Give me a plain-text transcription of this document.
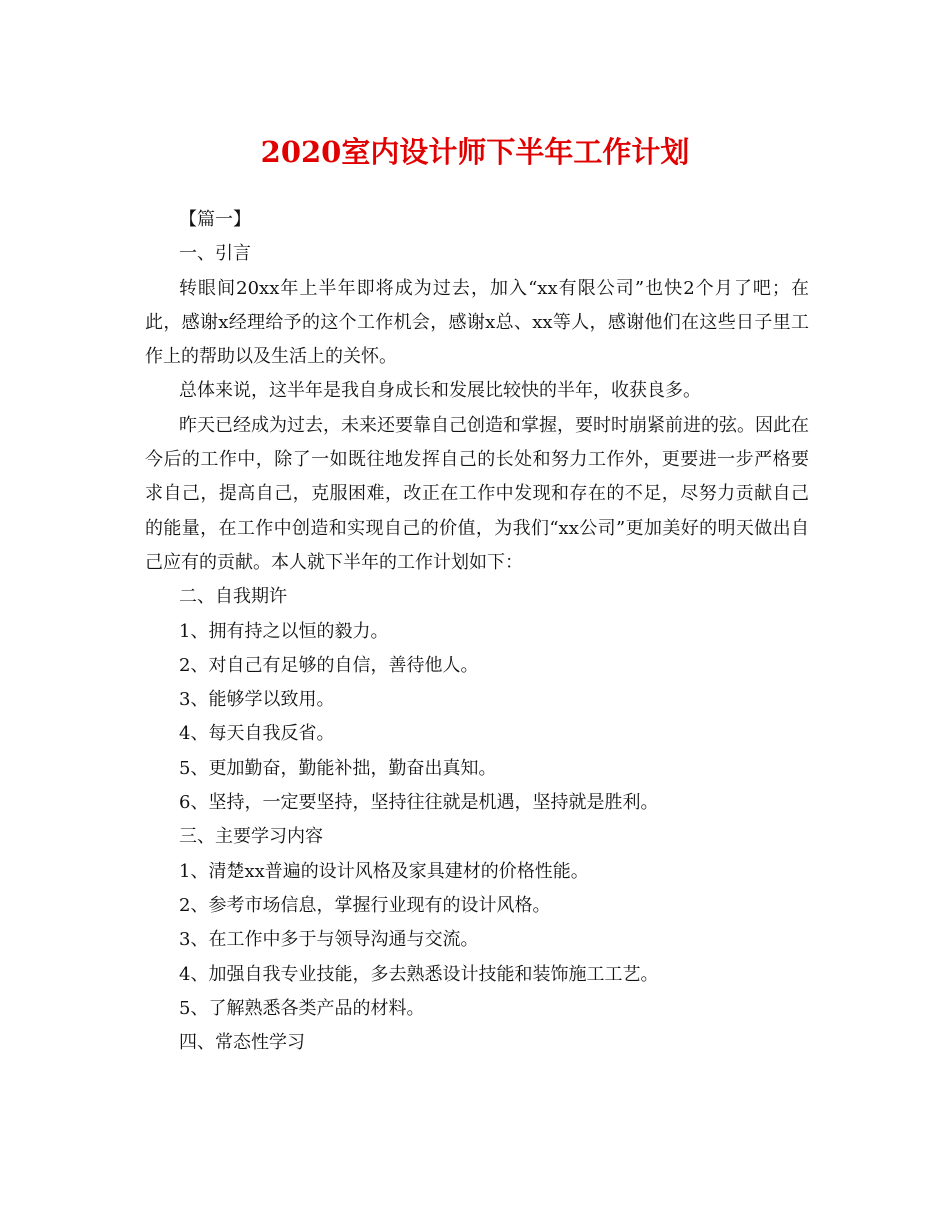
2020室内设计师下半年工作计划

【篇一】

一、引言

转眼间20xx年上半年即将成为过去，加入“xx有限公司”也快2个月了吧；在此，感谢x经理给予的这个工作机会，感谢x总、xx等人，感谢他们在这些日子里工作上的帮助以及生活上的关怀。

总体来说，这半年是我自身成长和发展比较快的半年，收获良多。

昨天已经成为过去，未来还要靠自己创造和掌握，要时时崩紧前进的弦。因此在今后的工作中，除了一如既往地发挥自己的长处和努力工作外，更要进一步严格要求自己，提高自己，克服困难，改正在工作中发现和存在的不足，尽努力贡献自己的能量，在工作中创造和实现自己的价值，为我们“xx公司”更加美好的明天做出自己应有的贡献。本人就下半年的工作计划如下：

二、自我期许

1、拥有持之以恒的毅力。

2、对自己有足够的自信，善待他人。

3、能够学以致用。

4、每天自我反省。

5、更加勤奋，勤能补拙，勤奋出真知。

6、坚持，一定要坚持，坚持往往就是机遇，坚持就是胜利。

三、主要学习内容

1、清楚xx普遍的设计风格及家具建材的价格性能。

2、参考市场信息，掌握行业现有的设计风格。

3、在工作中多于与领导沟通与交流。

4、加强自我专业技能，多去熟悉设计技能和装饰施工工艺。

5、了解熟悉各类产品的材料。

四、常态性学习
